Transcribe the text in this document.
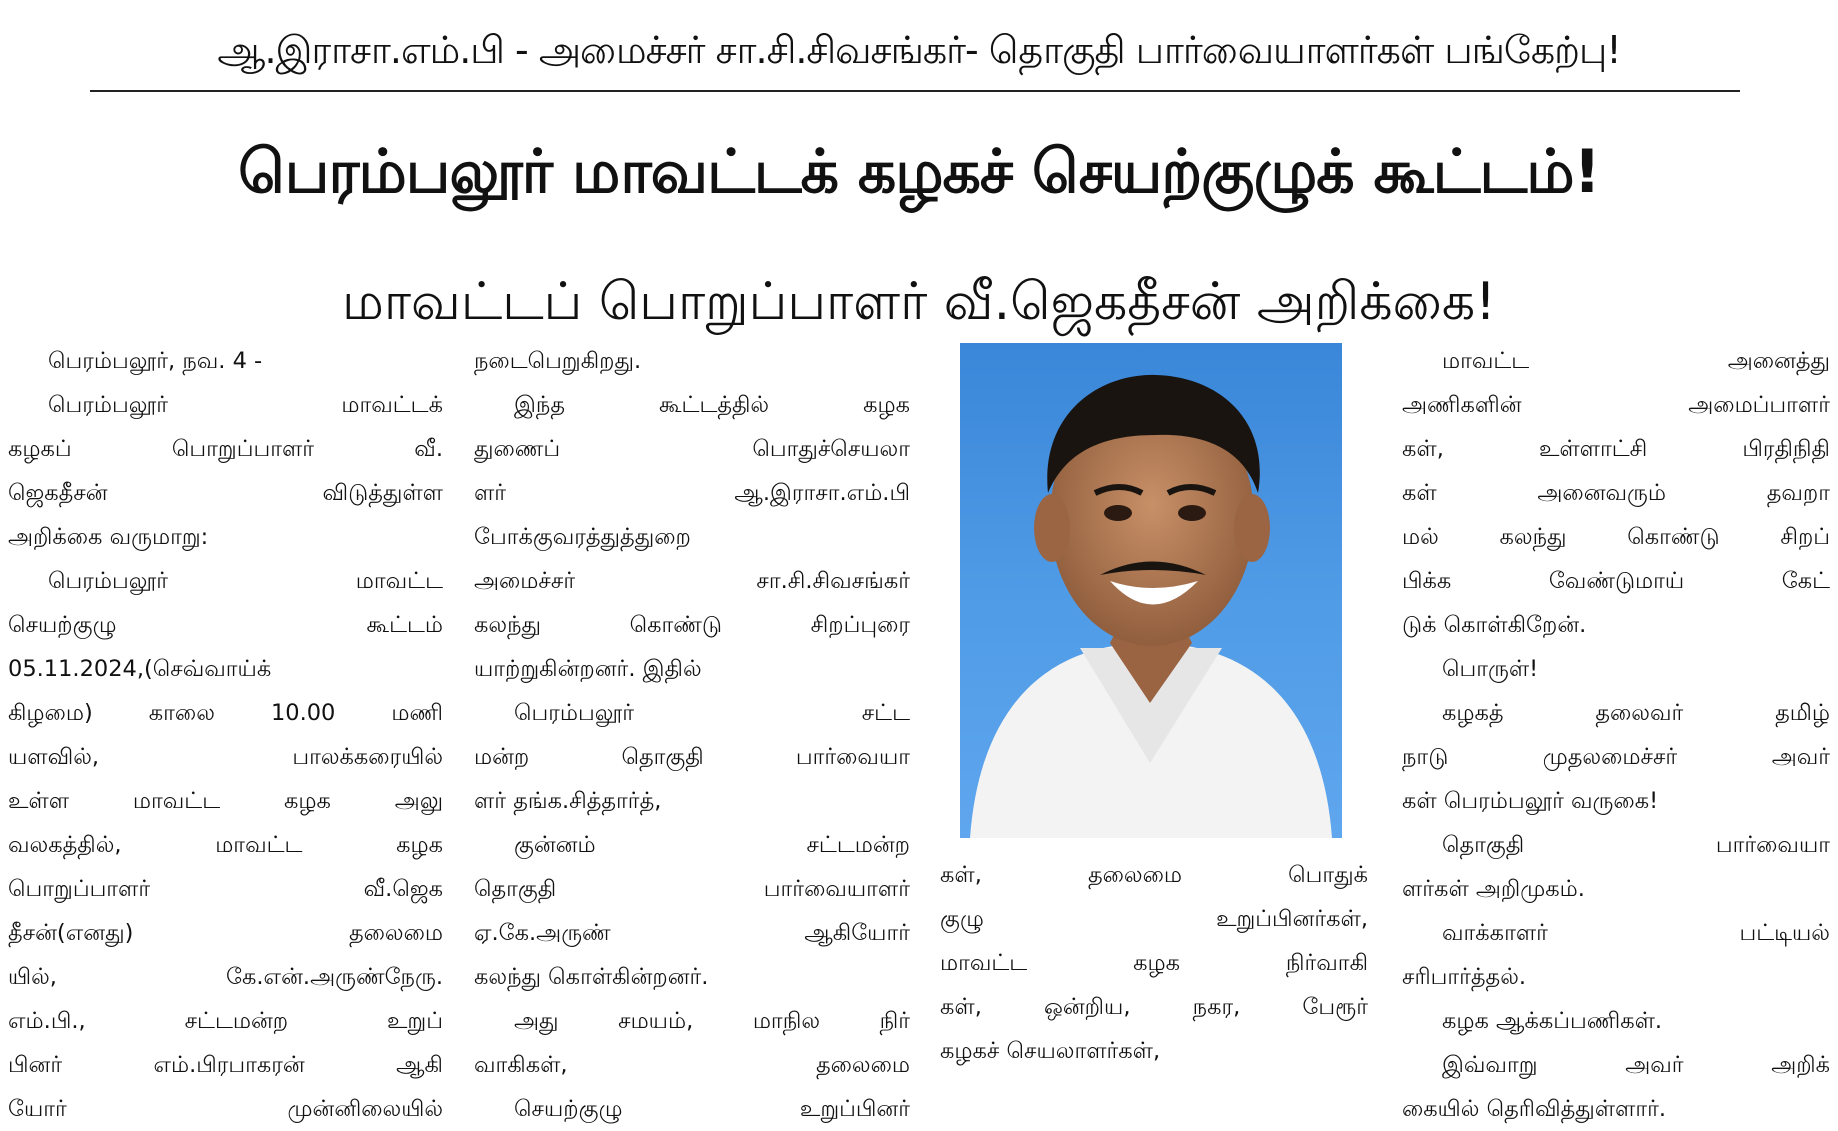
ஆ.இராசா.எம்.பி - அமைச்சர் சா.சி.சிவசங்கர்- தொகுதி பார்வையாளர்கள் பங்கேற்பு!
பெரம்பலூர் மாவட்டக் கழகச் செயற்குழுக் கூட்டம்!
மாவட்டப் பொறுப்பாளர் வீ.ஜெகதீசன் அறிக்கை!
பெரம்பலூர், நவ. 4 -
பெரம்பலூர் மாவட்டக்
கழகப் பொறுப்பாளர் வீ.
ஜெகதீசன் விடுத்துள்ள
அறிக்கை வருமாறு:
பெரம்பலூர் மாவட்ட
செயற்குழு கூட்டம்
05.11.2024,(செவ்வாய்க்
கிழமை) காலை 10.00 மணி
யளவில், பாலக்கரையில்
உள்ள மாவட்ட கழக அலு
வலகத்தில், மாவட்ட கழக
பொறுப்பாளர் வீ.ஜெக
தீசன்(எனது) தலைமை
யில், கே.என்.அருண்நேரு.
எம்.பி., சட்டமன்ற உறுப்
பினர் எம்.பிரபாகரன் ஆகி
யோர் முன்னிலையில்
நடைபெறுகிறது.
இந்த கூட்டத்தில் கழக
துணைப் பொதுச்செயலா
ளர் ஆ.இராசா.எம்.பி
போக்குவரத்துத்துறை
அமைச்சர் சா.சி.சிவசங்கர்
கலந்து கொண்டு சிறப்புரை
யாற்றுகின்றனர். இதில்
பெரம்பலூர் சட்ட
மன்ற தொகுதி பார்வையா
ளர் தங்க.சித்தார்த்,
குன்னம் சட்டமன்ற
தொகுதி பார்வையாளர்
ஏ.கே.அருண் ஆகியோர்
கலந்து கொள்கின்றனர்.
அது சமயம், மாநில நிர்
வாகிகள், தலைமை
செயற்குழு உறுப்பினர்
கள், தலைமை பொதுக்
குழு உறுப்பினர்கள்,
மாவட்ட கழக நிர்வாகி
கள், ஒன்றிய, நகர, பேரூர்
கழகச் செயலாளர்கள்,
மாவட்ட அனைத்து
அணிகளின் அமைப்பாளர்
கள், உள்ளாட்சி பிரதிநிதி
கள் அனைவரும் தவறா
மல் கலந்து கொண்டு சிறப்
பிக்க வேண்டுமாய் கேட்
டுக் கொள்கிறேன்.
பொருள்!
கழகத் தலைவர் தமிழ்
நாடு முதலமைச்சர் அவர்
கள் பெரம்பலூர் வருகை!
தொகுதி பார்வையா
ளர்கள் அறிமுகம்.
வாக்காளர் பட்டியல்
சரிபார்த்தல்.
கழக ஆக்கப்பணிகள்.
இவ்வாறு அவர் அறிக்
கையில் தெரிவித்துள்ளார்.
